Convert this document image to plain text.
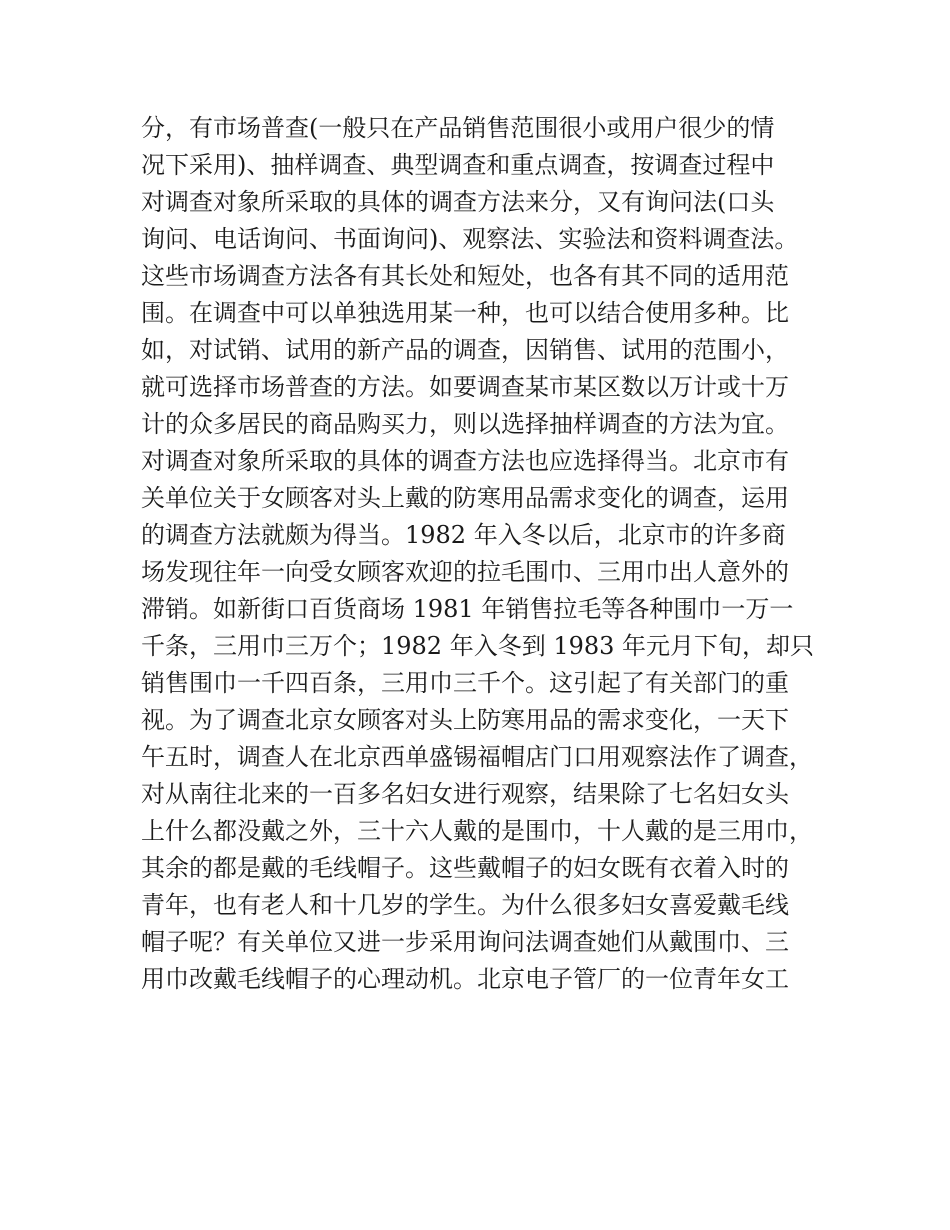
分，有市场普查(一般只在产品销售范围很小或用户很少的情
况下采用)、抽样调查、典型调查和重点调查，按调查过程中
对调查对象所采取的具体的调查方法来分，又有询问法(口头
询问、电话询问、书面询问)、观察法、实验法和资料调查法。
这些市场调查方法各有其长处和短处，也各有其不同的适用范
围。在调查中可以单独选用某一种，也可以结合使用多种。比
如，对试销、试用的新产品的调查，因销售、试用的范围小，
就可选择市场普查的方法。如要调查某市某区数以万计或十万
计的众多居民的商品购买力，则以选择抽样调查的方法为宜。
对调查对象所采取的具体的调查方法也应选择得当。北京市有
关单位关于女顾客对头上戴的防寒用品需求变化的调查，运用
的调查方法就颇为得当。1982 年入冬以后，北京市的许多商
场发现往年一向受女顾客欢迎的拉毛围巾、三用巾出人意外的
滞销。如新街口百货商场 1981 年销售拉毛等各种围巾一万一
千条，三用巾三万个；1982 年入冬到 1983 年元月下旬，却只
销售围巾一千四百条，三用巾三千个。这引起了有关部门的重
视。为了调查北京女顾客对头上防寒用品的需求变化，一天下
午五时，调查人在北京西单盛锡福帽店门口用观察法作了调查，
对从南往北来的一百多名妇女进行观察，结果除了七名妇女头
上什么都没戴之外，三十六人戴的是围巾，十人戴的是三用巾，
其余的都是戴的毛线帽子。这些戴帽子的妇女既有衣着入时的
青年，也有老人和十几岁的学生。为什么很多妇女喜爱戴毛线
帽子呢？有关单位又进一步采用询问法调查她们从戴围巾、三
用巾改戴毛线帽子的心理动机。北京电子管厂的一位青年女工
